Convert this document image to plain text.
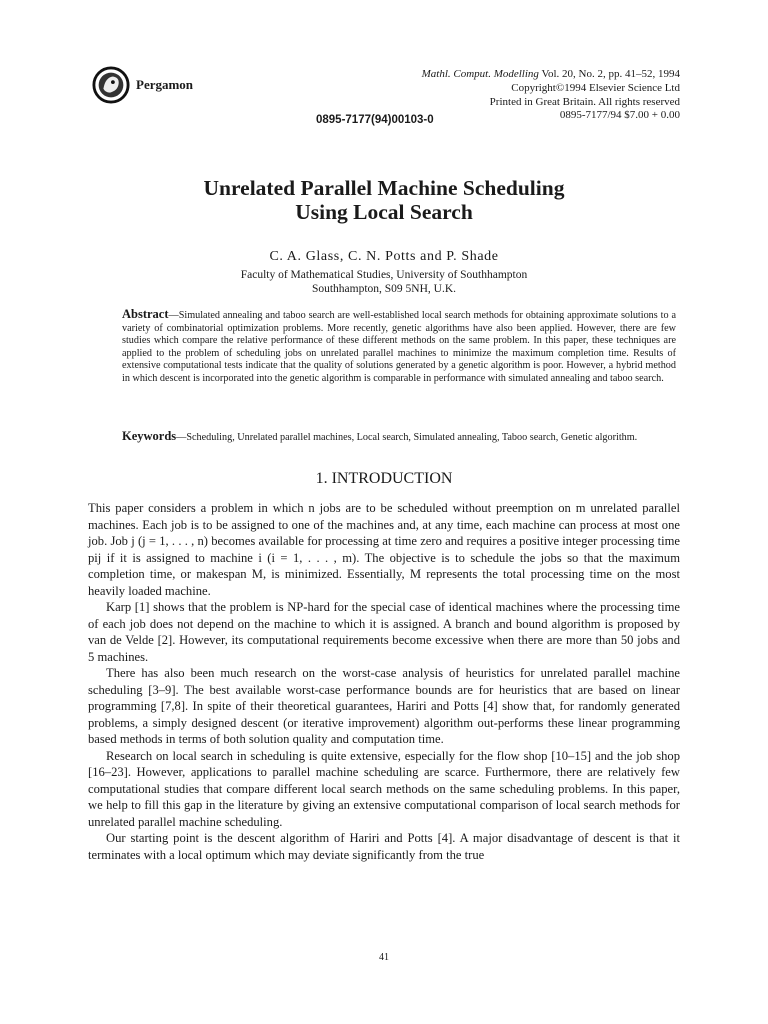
Pergamon
Mathl. Comput. Modelling Vol. 20, No. 2, pp. 41–52, 1994
Copyright©1994 Elsevier Science Ltd
Printed in Great Britain. All rights reserved
0895-7177/94 $7.00 + 0.00
0895-7177(94)00103-0
Unrelated Parallel Machine Scheduling
Using Local Search
C. A. Glass, C. N. Potts and P. Shade
Faculty of Mathematical Studies, University of Southhampton
Southhampton, S09 5NH, U.K.
Abstract—Simulated annealing and taboo search are well-established local search methods for obtaining approximate solutions to a variety of combinatorial optimization problems. More recently, genetic algorithms have also been applied. However, there are few studies which compare the relative performance of these different methods on the same problem. In this paper, these techniques are applied to the problem of scheduling jobs on unrelated parallel machines to minimize the maximum completion time. Results of extensive computational tests indicate that the quality of solutions generated by a genetic algorithm is poor. However, a hybrid method in which descent is incorporated into the genetic algorithm is comparable in performance with simulated annealing and taboo search.
Keywords—Scheduling, Unrelated parallel machines, Local search, Simulated annealing, Taboo search, Genetic algorithm.
1. INTRODUCTION

This paper considers a problem in which n jobs are to be scheduled without preemption on m unrelated parallel machines. Each job is to be assigned to one of the machines and, at any time, each machine can process at most one job. Job j (j = 1, . . . , n) becomes available for processing at time zero and requires a positive integer processing time pij if it is assigned to machine i (i = 1, . . . , m). The objective is to schedule the jobs so that the maximum completion time, or makespan M, is minimized. Essentially, M represents the total processing time on the most heavily loaded machine.

Karp [1] shows that the problem is NP-hard for the special case of identical machines where the processing time of each job does not depend on the machine to which it is assigned. A branch and bound algorithm is proposed by van de Velde [2]. However, its computational requirements become excessive when there are more than 50 jobs and 5 machines.

There has also been much research on the worst-case analysis of heuristics for unrelated parallel machine scheduling [3–9]. The best available worst-case performance bounds are for heuristics that are based on linear programming [7,8]. In spite of their theoretical guarantees, Hariri and Potts [4] show that, for randomly generated problems, a simply designed descent (or iterative improvement) algorithm out-performs these linear programming based methods in terms of both solution quality and computation time.

Research on local search in scheduling is quite extensive, especially for the flow shop [10–15] and the job shop [16–23]. However, applications to parallel machine scheduling are scarce. Furthermore, there are relatively few computational studies that compare different local search methods on the same scheduling problems. In this paper, we help to fill this gap in the literature by giving an extensive computational comparison of local search methods for unrelated parallel machine scheduling.

Our starting point is the descent algorithm of Hariri and Potts [4]. A major disadvantage of descent is that it terminates with a local optimum which may deviate significantly from the true

41
